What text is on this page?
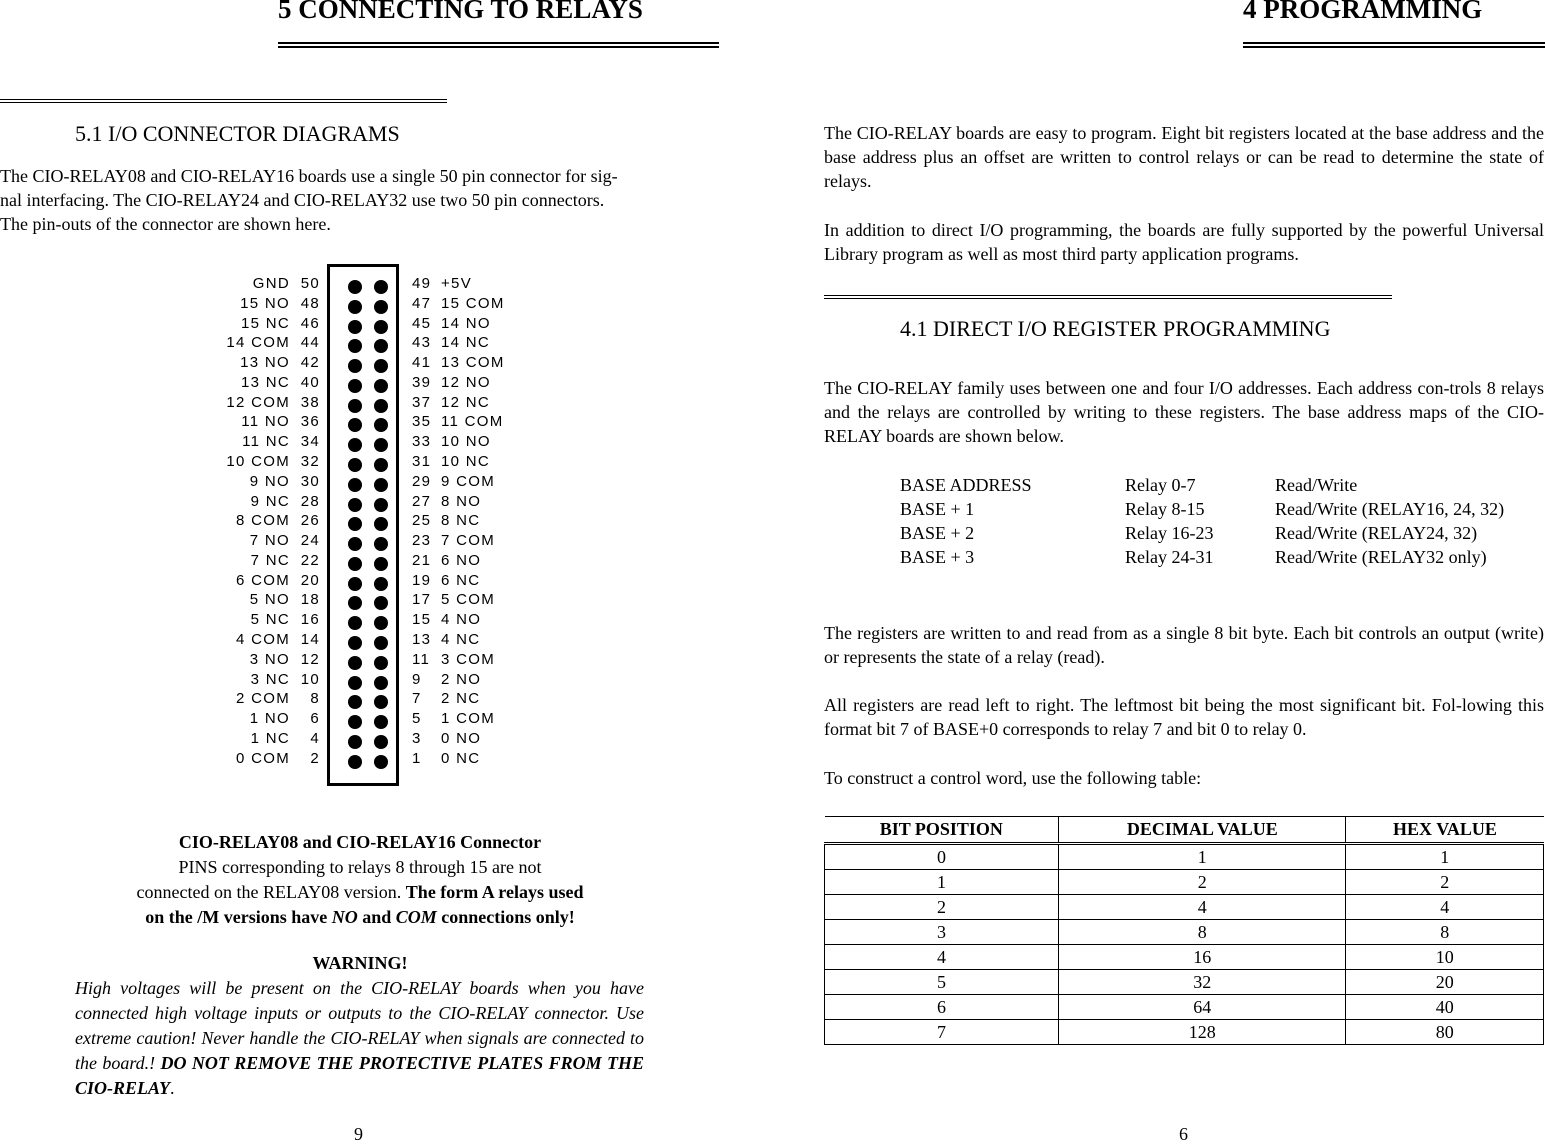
5 CONNECTING TO RELAYS
5.1 I/O CONNECTOR DIAGRAMS
The CIO-RELAY08 and CIO-RELAY16 boards use a single 50 pin connector for sig-
nal interfacing. The CIO-RELAY24 and CIO-RELAY32 use two 50 pin connectors.
The pin-outs of the connector are shown here.
GND 50	49 +5V
15 NO 48	47 15 COM
15 NC 46	45 14 NO
14 COM 44	43 14 NC
13 NO 42	41 13 COM
13 NC 40	39 12 NO
12 COM 38	37 12 NC
11 NO 36	35 11 COM
11 NC 34	33 10 NO
10 COM 32	31 10 NC
9 NO 30	29 9 COM
9 NC 28	27 8 NO
8 COM 26	25 8 NC
7 NO 24	23 7 COM
7 NC 22	21 6 NO
6 COM 20	19 6 NC
5 NO 18	17 5 COM
5 NC 16	15 4 NO
4 COM 14	13 4 NC
3 NO 12	11 3 COM
3 NC 10	9 2 NO
2 COM	8	7 2 NC
1 NO	6	5 1 COM
1 NC	4	3 0 NO
0 COM	2	1 0 NC
CIO-RELAY08 and CIO-RELAY16 Connector
PINS corresponding to relays 8 through 15 are not
connected on the RELAY08 version. The form A relays used
on the /M versions have NO and COM connections only!
WARNING!
High voltages will be present on the CIO-RELAY boards when you have connected high voltage inputs or outputs to the CIO-RELAY connector. Use extreme caution! Never handle the CIO-RELAY when signals are connected to the board.! DO NOT REMOVE THE PROTECTIVE PLATES FROM THE CIO-RELAY.
9
4 PROGRAMMING
The CIO-RELAY boards are easy to program. Eight bit registers located at the base address and the base address plus an offset are written to control relays or can be read to determine the state of relays.
In addition to direct I/O programming, the boards are fully supported by the powerful Universal Library program as well as most third party application programs.
4.1 DIRECT I/O REGISTER PROGRAMMING
The CIO-RELAY family uses between one and four I/O addresses. Each address con-trols 8 relays and the relays are controlled by writing to these registers. The base address maps of the CIO-RELAY boards are shown below.
BASE ADDRESS	Relay 0-7	Read/Write
BASE + 1	Relay 8-15	Read/Write (RELAY16, 24, 32)
BASE + 2	Relay 16-23	Read/Write (RELAY24, 32)
BASE + 3	Relay 24-31	Read/Write (RELAY32 only)
The registers are written to and read from as a single 8 bit byte. Each bit controls an output (write) or represents the state of a relay (read).
All registers are read left to right. The leftmost bit being the most significant bit. Fol-lowing this format bit 7 of BASE+0 corresponds to relay 7 and bit 0 to relay 0.
To construct a control word, use the following table:
BIT POSITION	DECIMAL VALUE	HEX VALUE
0	1	1
1	2	2
2	4	4
3	8	8
4	16	10
5	32	20
6	64	40
7	128	80
6
